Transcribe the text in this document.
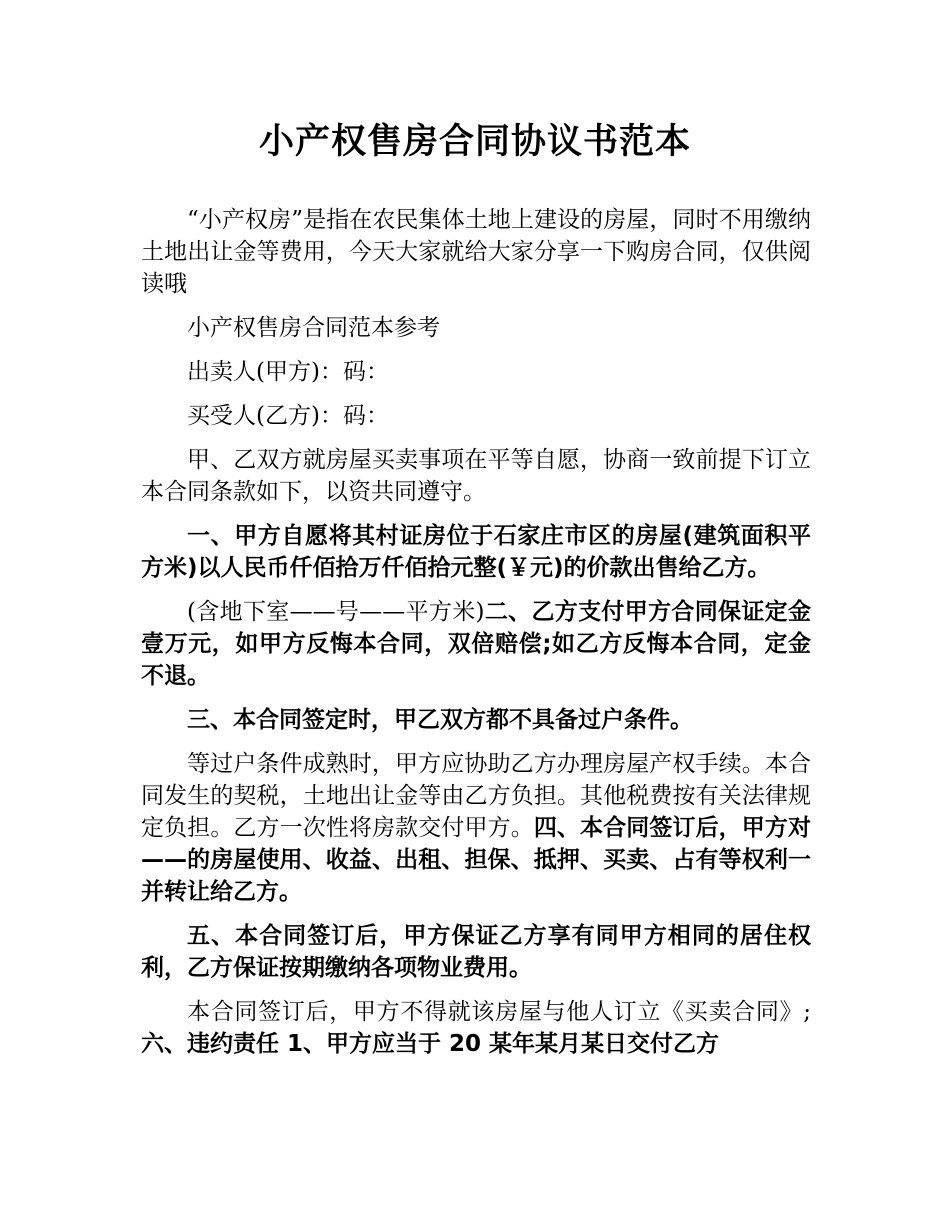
小产权售房合同协议书范本

“小产权房”是指在农民集体土地上建设的房屋，同时不用缴纳土地出让金等费用，今天大家就给大家分享一下购房合同，仅供阅读哦

小产权售房合同范本参考

出卖人(甲方)：码：

买受人(乙方)：码：

甲、乙双方就房屋买卖事项在平等自愿，协商一致前提下订立本合同条款如下，以资共同遵守。

一、甲方自愿将其村证房位于石家庄市区的房屋(建筑面积平方米)以人民币仟佰拾万仟佰拾元整(￥元)的价款出售给乙方。

(含地下室——号——平方米)二、乙方支付甲方合同保证定金壹万元，如甲方反悔本合同，双倍赔偿;如乙方反悔本合同，定金不退。

三、本合同签定时，甲乙双方都不具备过户条件。

等过户条件成熟时，甲方应协助乙方办理房屋产权手续。本合同发生的契税，土地出让金等由乙方负担。其他税费按有关法律规定负担。乙方一次性将房款交付甲方。四、本合同签订后，甲方对——的房屋使用、收益、出租、担保、抵押、买卖、占有等权利一并转让给乙方。

五、本合同签订后，甲方保证乙方享有同甲方相同的居住权利，乙方保证按期缴纳各项物业费用。

本合同签订后，甲方不得就该房屋与他人订立《买卖合同》;六、违约责任 1、甲方应当于 20 某年某月某日交付乙方
